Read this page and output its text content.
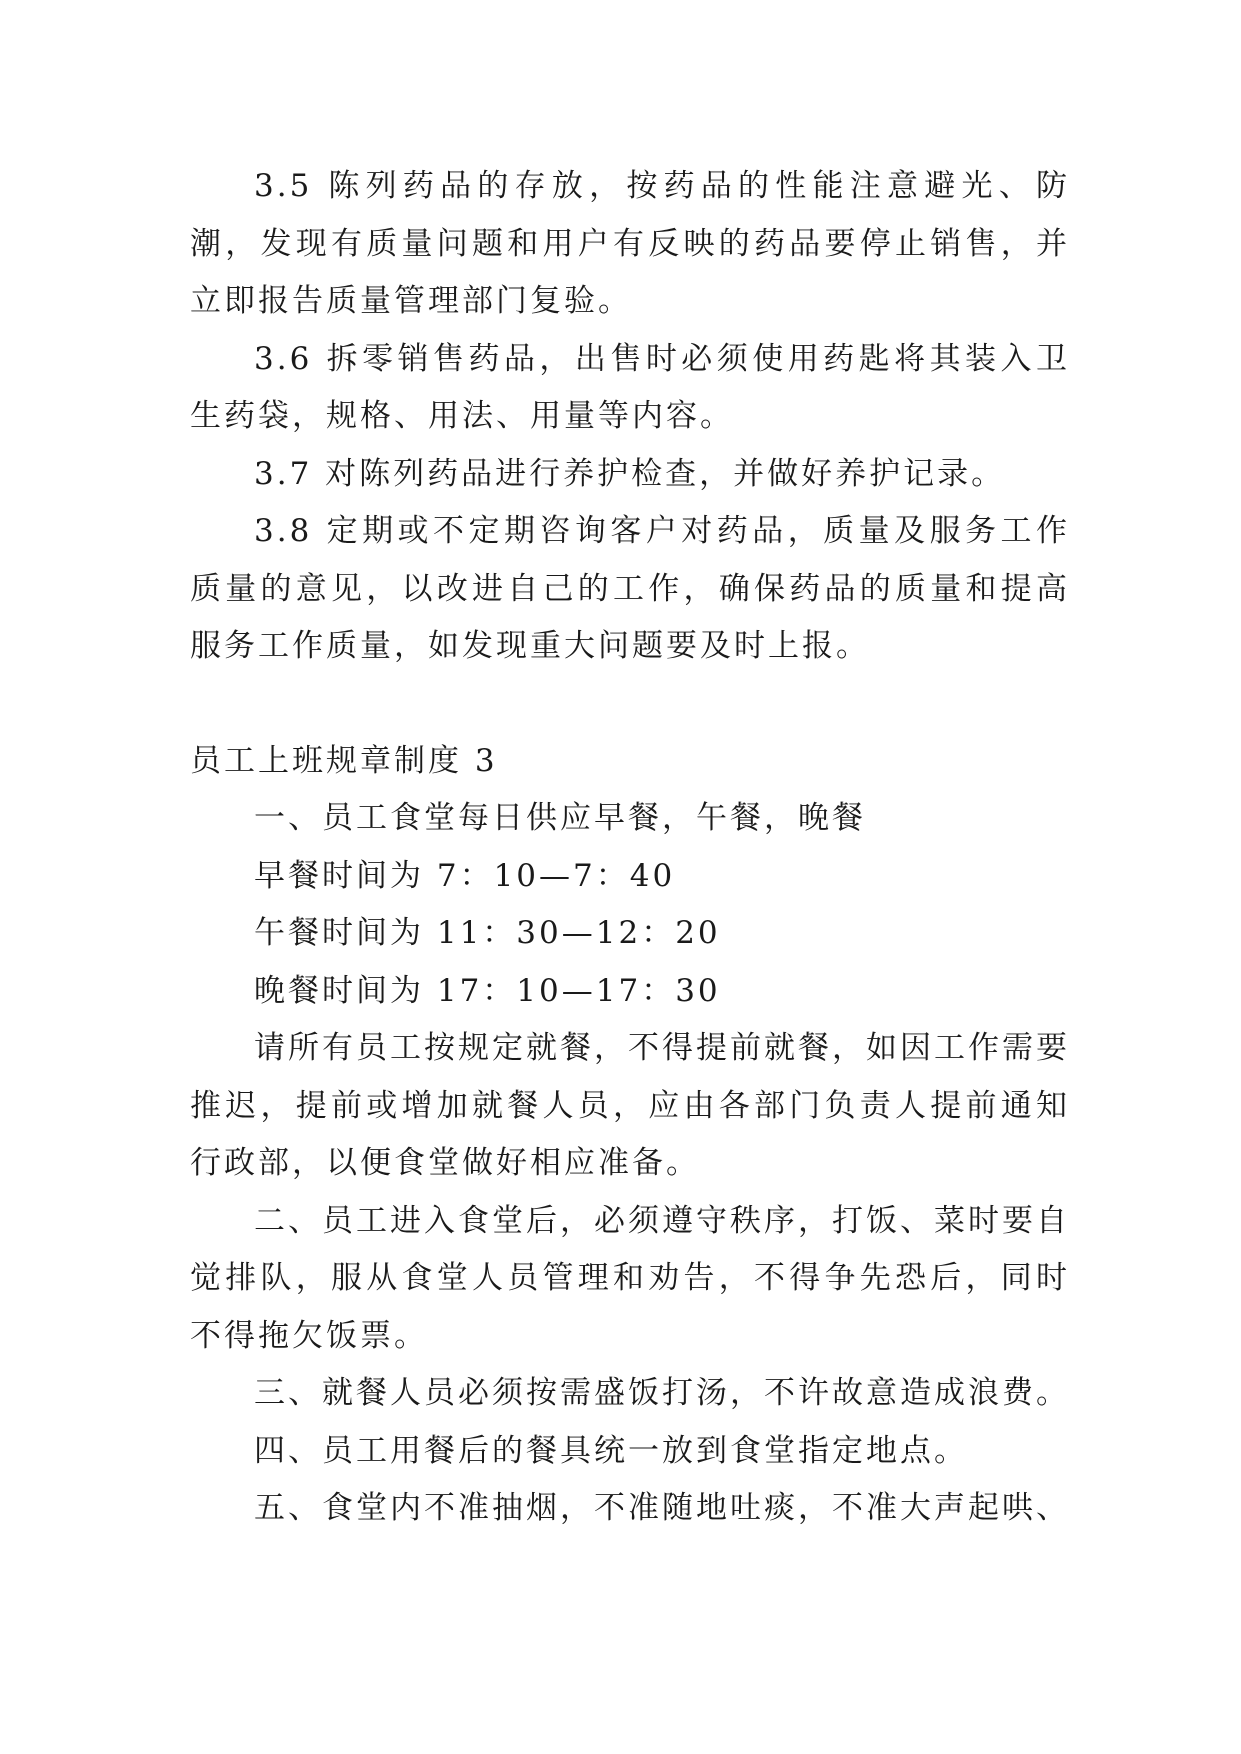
3.5 陈列药品的存放，按药品的性能注意避光、防潮，发现有质量问题和用户有反映的药品要停止销售，并立即报告质量管理部门复验。

3.6 拆零销售药品，出售时必须使用药匙将其装入卫生药袋，规格、用法、用量等内容。

3.7 对陈列药品进行养护检查，并做好养护记录。

3.8 定期或不定期咨询客户对药品，质量及服务工作质量的意见，以改进自己的工作，确保药品的质量和提高服务工作质量，如发现重大问题要及时上报。

员工上班规章制度 3

一、员工食堂每日供应早餐，午餐，晚餐

早餐时间为 7：10—7：40

午餐时间为 11：30—12：20

晚餐时间为 17：10—17：30

请所有员工按规定就餐，不得提前就餐，如因工作需要推迟，提前或增加就餐人员，应由各部门负责人提前通知行政部，以便食堂做好相应准备。

二、员工进入食堂后，必须遵守秩序，打饭、菜时要自觉排队，服从食堂人员管理和劝告，不得争先恐后，同时不得拖欠饭票。

三、就餐人员必须按需盛饭打汤，不许故意造成浪费。

四、员工用餐后的餐具统一放到食堂指定地点。

五、食堂内不准抽烟，不准随地吐痰，不准大声起哄、
